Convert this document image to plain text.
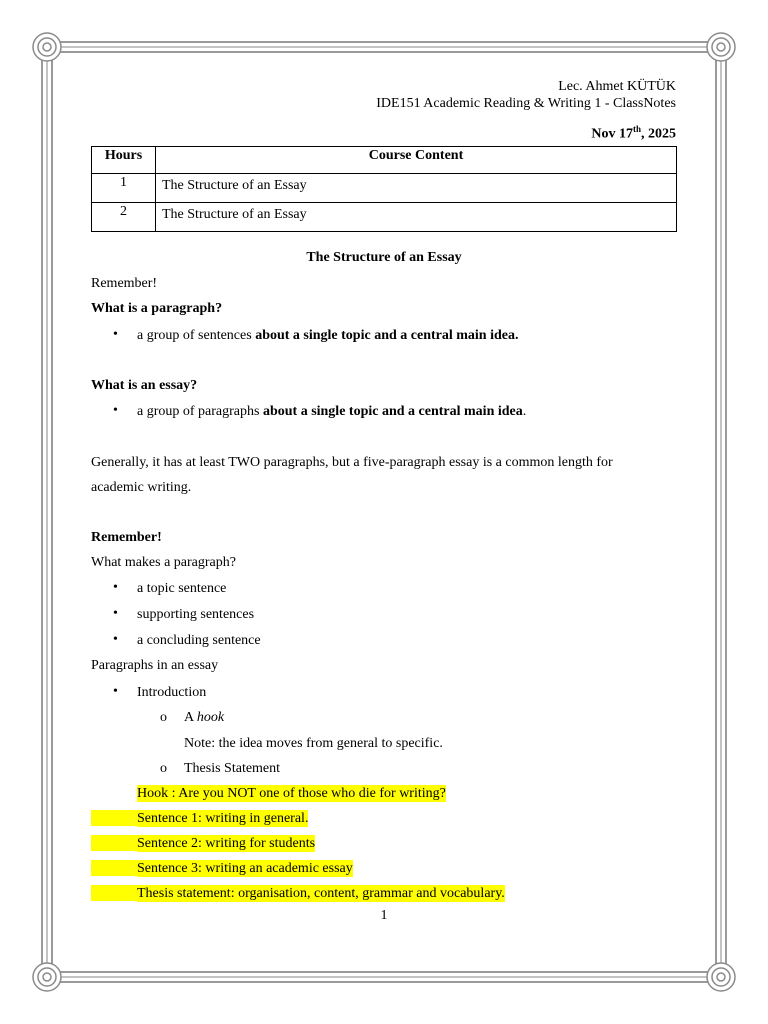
Lec. Ahmet KÜTÜK
IDE151 Academic Reading & Writing 1 - ClassNotes
Nov 17th, 2025
Hours	Course Content
1	The Structure of an Essay
2	The Structure of an Essay
The Structure of an Essay
Remember!
What is a paragraph?
• a group of sentences about a single topic and a central main idea.
What is an essay?
• a group of paragraphs about a single topic and a central main idea.
Generally, it has at least TWO paragraphs, but a five-paragraph essay is a common length for
academic writing.
Remember!
What makes a paragraph?
• a topic sentence
• supporting sentences
• a concluding sentence
Paragraphs in an essay
• Introduction
o A hook
Note: the idea moves from general to specific.
o Thesis Statement
Hook : Are you NOT one of those who die for writing?
Sentence 1: writing in general.
Sentence 2: writing for students
Sentence 3: writing an academic essay
Thesis statement: organisation, content, grammar and vocabulary.
1
